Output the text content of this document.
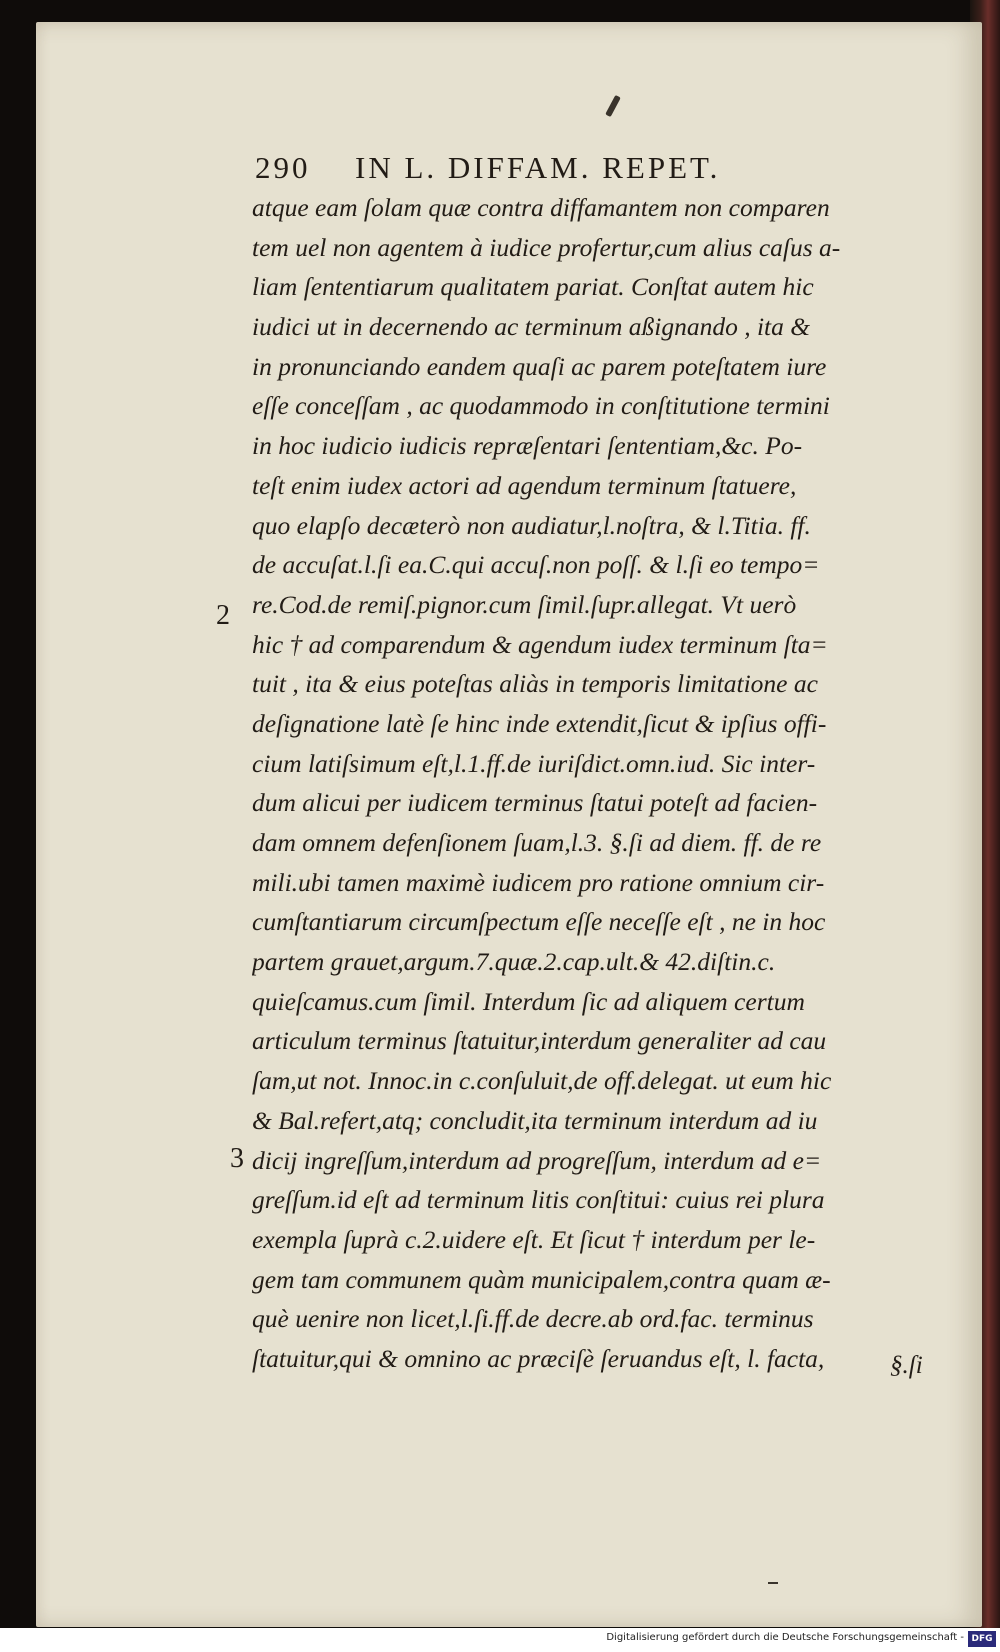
290 IN L. DIFFAM. REPET.
2
3
atque eam ſolam quæ contra diffamantem non comparen
tem uel non agentem à iudice profertur,cum alius caſus a-
liam ſententiarum qualitatem pariat. Conſtat autem hic
iudici ut in decernendo ac terminum aßignando , ita &
in pronunciando eandem quaſi ac parem poteſtatem iure
eſſe conceſſam , ac quodammodo in conſtitutione termini
in hoc iudicio iudicis repræſentari ſententiam,&c. Po-
teſt enim iudex actori ad agendum terminum ſtatuere,
quo elapſo decæterò non audiatur,l.noſtra, & l.Titia. ff.
de accuſat.l.ſi ea.C.qui accuſ.non poſſ. & l.ſi eo tempo=
re.Cod.de remiſ.pignor.cum ſimil.ſupr.allegat. Vt uerò
hic † ad comparendum & agendum iudex terminum ſta=
tuit , ita & eius poteſtas aliàs in temporis limitatione ac
deſignatione latè ſe hinc inde extendit,ſicut & ipſius offi-
cium latiſsimum eſt,l.1.ff.de iuriſdict.omn.iud. Sic inter-
dum alicui per iudicem terminus ſtatui poteſt ad facien-
dam omnem defenſionem ſuam,l.3. §.ſi ad diem. ff. de re
mili.ubi tamen maximè iudicem pro ratione omnium cir-
cumſtantiarum circumſpectum eſſe neceſſe eſt , ne in hoc
partem grauet,argum.7.quæ.2.cap.ult.& 42.diſtin.c.
quieſcamus.cum ſimil. Interdum ſic ad aliquem certum
articulum terminus ſtatuitur,interdum generaliter ad cau
ſam,ut not. Innoc.in c.conſuluit,de off.delegat. ut eum hic
& Bal.refert,atq; concludit,ita terminum interdum ad iu
dicij ingreſſum,interdum ad progreſſum, interdum ad e=
greſſum.id eſt ad terminum litis conſtitui: cuius rei plura
exempla ſuprà c.2.uidere eſt. Et ſicut † interdum per le-
gem tam communem quàm municipalem,contra quam æ-
què uenire non licet,l.ſi.ff.de decre.ab ord.fac. terminus
ſtatuitur,qui & omnino ac præciſè ſeruandus eſt, l. facta,	§.ſi
Digitalisierung gefördert durch die Deutsche Forschungsgemeinschaft - DFG
